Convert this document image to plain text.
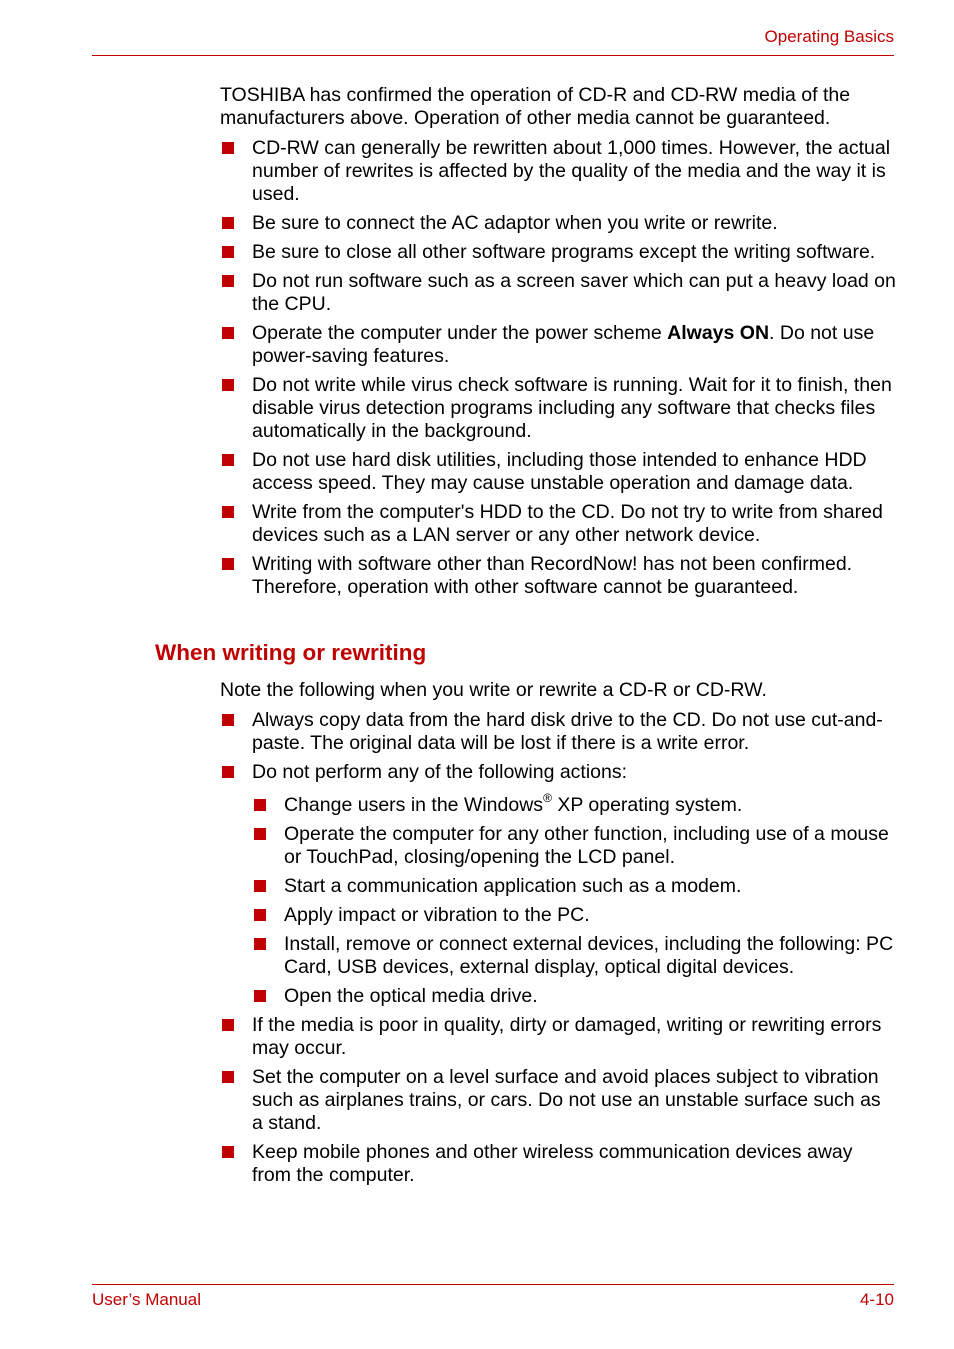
Operating Basics

TOSHIBA has confirmed the operation of CD-R and CD-RW media of the manufacturers above. Operation of other media cannot be guaranteed.

CD-RW can generally be rewritten about 1,000 times. However, the actual number of rewrites is affected by the quality of the media and the way it is used.
Be sure to connect the AC adaptor when you write or rewrite.
Be sure to close all other software programs except the writing software.
Do not run software such as a screen saver which can put a heavy load on the CPU.
Operate the computer under the power scheme Always ON. Do not use power-saving features.
Do not write while virus check software is running. Wait for it to finish, then disable virus detection programs including any software that checks files automatically in the background.
Do not use hard disk utilities, including those intended to enhance HDD access speed. They may cause unstable operation and damage data.
Write from the computer's HDD to the CD. Do not try to write from shared devices such as a LAN server or any other network device.
Writing with software other than RecordNow! has not been confirmed. Therefore, operation with other software cannot be guaranteed.
When writing or rewriting

Note the following when you write or rewrite a CD-R or CD-RW.

Always copy data from the hard disk drive to the CD. Do not use cut-and-paste. The original data will be lost if there is a write error.
Do not perform any of the following actions:
Change users in the Windows® XP operating system.
Operate the computer for any other function, including use of a mouse or TouchPad, closing/opening the LCD panel.
Start a communication application such as a modem.
Apply impact or vibration to the PC.
Install, remove or connect external devices, including the following: PC Card, USB devices, external display, optical digital devices.
Open the optical media drive.
If the media is poor in quality, dirty or damaged, writing or rewriting errors may occur.
Set the computer on a level surface and avoid places subject to vibration such as airplanes trains, or cars. Do not use an unstable surface such as a stand.
Keep mobile phones and other wireless communication devices away from the computer.
User’s Manual	4-10
